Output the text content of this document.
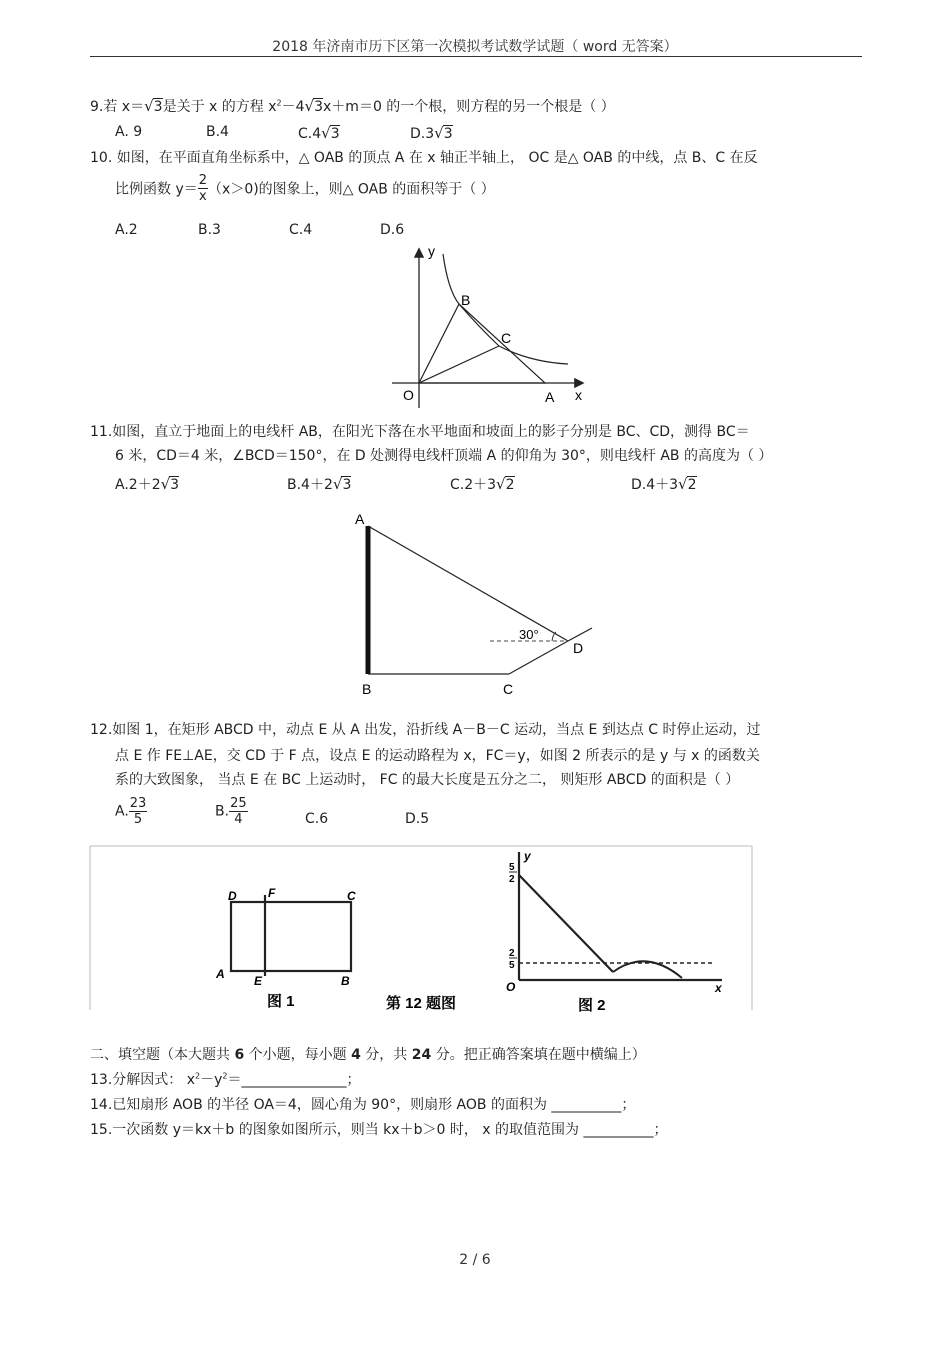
2018 年济南市历下区第一次模拟考试数学试题（ word 无答案）
9.若 x＝√3是关于 x 的方程 $x^2-4√3x+m=0$ 的一个根，则方程的另一个根是（ ）
A. 9	B.4	C.4√3	D.3√3
10. 如图，在平面直角坐标系中，△ OAB 的顶点 A 在 x 轴正半轴上， OC 是△ OAB 的中线，点 B、C 在反
比例函数 $y= \frac{2}{x} (x>0)$的图象上，则△ OAB 的面积等于（ ）
A.2	B.3	C.4	D.6
y
x
O	A
B
C
11.如图，直立于地面上的电线杆 AB，在阳光下落在水平地面和坡面上的影子分别是 BC、CD，测得 BC＝
6 米，CD＝4 米，∠BCD＝150°，在 D 处测得电线杆顶端 A 的仰角为 30°，则电线杆 AB 的高度为（ ）
A.2＋2√3	B.4＋2√3	C.2＋3√2	D.4＋3√2
A
B	C
D
30°
12.如图 1，在矩形 ABCD 中，动点 E 从 A 出发，沿折线 A－B－C 运动，当点 E 到达点 C 时停止运动，过
点 E 作 FE⊥AE，交 CD 于 F 点，设点 E 的运动路程为 x，FC＝y，如图 2 所表示的是 y 与 x 的函数关
系的大致图象， 当点 E 在 BC 上运动时， FC 的最大长度是五分之二， 则矩形 ABCD 的面积是（ ）
A. $\frac{23}{5}$	B. $\frac{25}{4}$	C.6	D.5
D	F	C
A E	B
图 1	第 12 题图
y
x
O
5
2
2
5
图 2
二、填空题（本大题共 6 个小题，每小题 4 分，共 24 分。把正确答案填在题中横编上）
13.分解因式： $x^2-y^2=\_\_\_\_\_\_\_\_\_\_\_\_\_\_\_$；
14.已知扇形 AOB 的半径 OA＝4，圆心角为 90°，则扇形 AOB 的面积为 __________；
15.一次函数 y＝kx＋b 的图象如图所示，则当 kx＋b＞0 时， x 的取值范围为 __________；
2 / 6
